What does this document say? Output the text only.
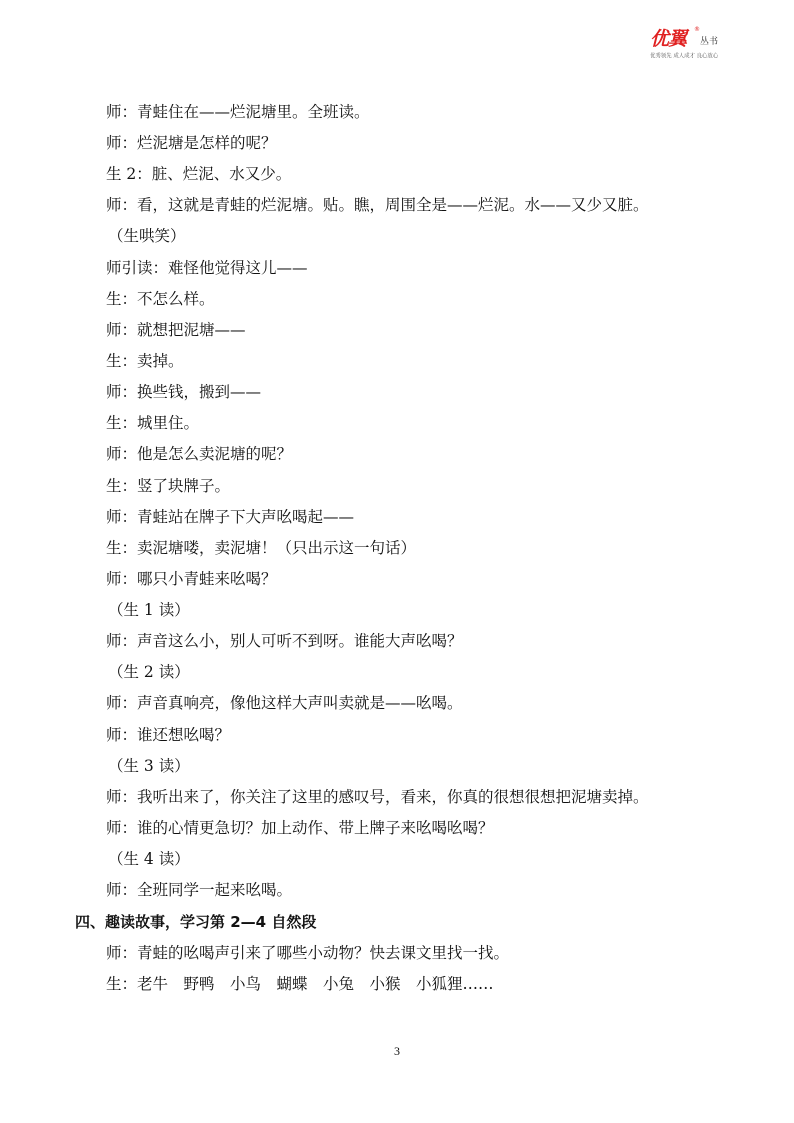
优翼 ®
丛书
优秀领先 成人成才 良心放心
师：青蛙住在——烂泥塘里。全班读。
师：烂泥塘是怎样的呢？
生 2：脏、烂泥、水又少。
师：看，这就是青蛙的烂泥塘。贴。瞧，周围全是——烂泥。水——又少又脏。
（生哄笑）
师引读：难怪他觉得这儿——
生：不怎么样。
师：就想把泥塘——
生：卖掉。
师：换些钱，搬到——
生：城里住。
师：他是怎么卖泥塘的呢？
生：竖了块牌子。
师：青蛙站在牌子下大声吆喝起——
生：卖泥塘喽，卖泥塘！（只出示这一句话）
师：哪只小青蛙来吆喝？
（生 1 读）
师：声音这么小，别人可听不到呀。谁能大声吆喝？
（生 2 读）
师：声音真响亮，像他这样大声叫卖就是——吆喝。
师：谁还想吆喝？
（生 3 读）
师：我听出来了，你关注了这里的感叹号，看来，你真的很想很想把泥塘卖掉。
师：谁的心情更急切？加上动作、带上牌子来吆喝吆喝？
（生 4 读）
师：全班同学一起来吆喝。
四、趣读故事，学习第 2—4 自然段
师：青蛙的吆喝声引来了哪些小动物？快去课文里找一找。
生：老牛　野鸭　小鸟　蝴蝶　小兔　小猴　小狐狸……
3
